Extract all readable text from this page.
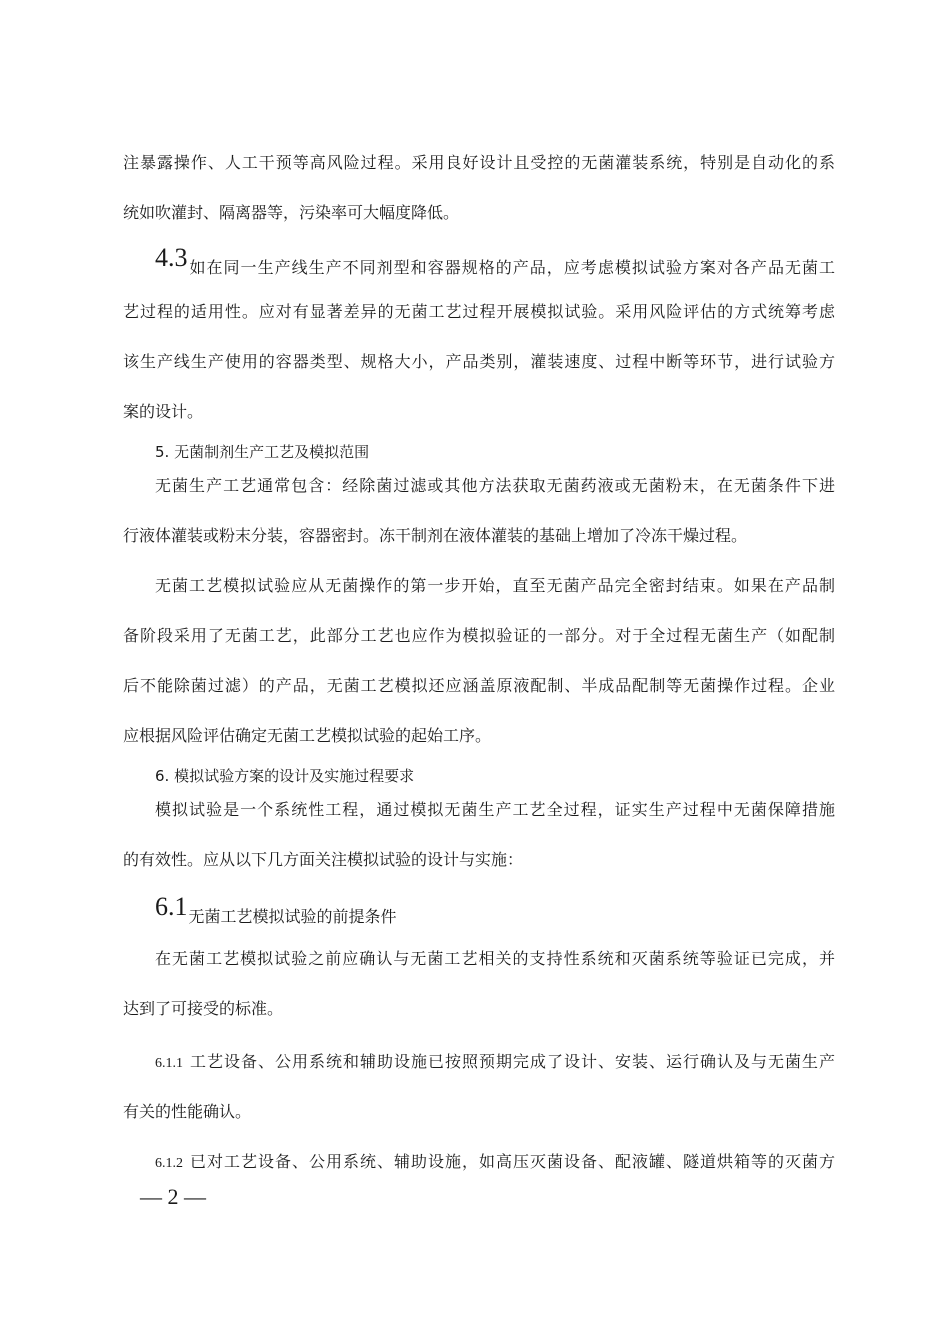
注暴露操作、人工干预等高风险过程。采用良好设计且受控的无菌灌装系统，特别是自动化的系
统如吹灌封、隔离器等，污染率可大幅度降低。
4.3如在同一生产线生产不同剂型和容器规格的产品，应考虑模拟试验方案对各产品无菌工
艺过程的适用性。应对有显著差异的无菌工艺过程开展模拟试验。采用风险评估的方式统筹考虑
该生产线生产使用的容器类型、规格大小，产品类别，灌装速度、过程中断等环节，进行试验方
案的设计。
5. 无菌制剂生产工艺及模拟范围
无菌生产工艺通常包含：经除菌过滤或其他方法获取无菌药液或无菌粉末，在无菌条件下进
行液体灌装或粉末分装，容器密封。冻干制剂在液体灌装的基础上增加了冷冻干燥过程。
无菌工艺模拟试验应从无菌操作的第一步开始，直至无菌产品完全密封结束。如果在产品制
备阶段采用了无菌工艺，此部分工艺也应作为模拟验证的一部分。对于全过程无菌生产（如配制
后不能除菌过滤）的产品，无菌工艺模拟还应涵盖原液配制、半成品配制等无菌操作过程。企业
应根据风险评估确定无菌工艺模拟试验的起始工序。
6. 模拟试验方案的设计及实施过程要求
模拟试验是一个系统性工程，通过模拟无菌生产工艺全过程，证实生产过程中无菌保障措施
的有效性。应从以下几方面关注模拟试验的设计与实施：
6.1无菌工艺模拟试验的前提条件
在无菌工艺模拟试验之前应确认与无菌工艺相关的支持性系统和灭菌系统等验证已完成，并
达到了可接受的标准。
6.1.1 工艺设备、公用系统和辅助设施已按照预期完成了设计、安装、运行确认及与无菌生产
有关的性能确认。
6.1.2 已对工艺设备、公用系统、辅助设施，如高压灭菌设备、配液罐、隧道烘箱等的灭菌方
— 2 —
